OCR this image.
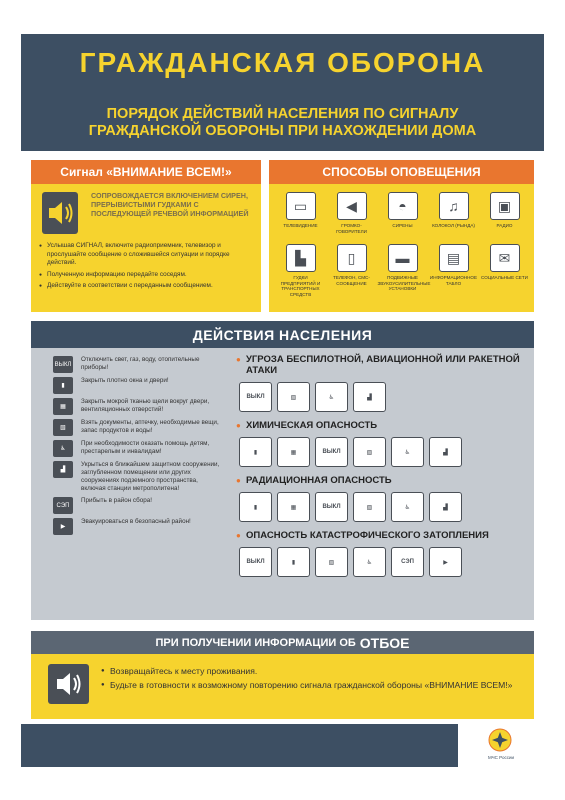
ГРАЖДАНСКАЯ ОБОРОНА
ПОРЯДОК ДЕЙСТВИЙ НАСЕЛЕНИЯ ПО СИГНАЛУ
ГРАЖДАНСКОЙ ОБОРОНЫ ПРИ НАХОЖДЕНИИ ДОМА
Сигнал «ВНИМАНИЕ ВСЕМ!»
СОПРОВОЖДАЕТСЯ ВКЛЮЧЕНИЕМ СИРЕН, ПРЕРЫВИСТЫМИ ГУДКАМИ С ПОСЛЕДУЮЩЕЙ РЕЧЕВОЙ ИНФОРМАЦИЕЙ
● Услышав СИГНАЛ, включите радиоприемник, телевизор и прослушайте сообщение о сложившейся ситуации и порядке действий.
● Полученную информацию передайте соседям.
● Действуйте в соответствии с переданным сообщением.
СПОСОБЫ ОПОВЕЩЕНИЯ
▭
ТЕЛЕВИДЕНИЕ
◀
ГРОМКО-ГОВОРИТЕЛИ
◓
СИРЕНЫ
♫
КОЛОКОЛ (РЫНДА)
▣
РАДИО
▙
ГУДКИ ПРЕДПРИЯТИЙ И ТРАНСПОРТНЫХ СРЕДСТВ
▯
ТЕЛЕФОН, СМС-СООБЩЕНИЕ
▬
ПОДВИЖНЫЕ ЗВУКОУСИЛИТЕЛЬНЫЕ УСТАНОВКИ
▤
ИНФОРМАЦИОННОЕ ТАБЛО
✉
СОЦИАЛЬНЫЕ СЕТИ
ДЕЙСТВИЯ НАСЕЛЕНИЯ
ВЫКЛ
Отключить свет, газ, воду, отопительные приборы!
▮
Закрыть плотно окна и двери!
▦
Закрыть мокрой тканью щели вокруг двери, вентиляционных отверстий!
▧
Взять документы, аптечку, необходимые вещи, запас продуктов и воды!
♿
При необходимости оказать помощь детям, престарелым и инвалидам!
▟
Укрыться в ближайшем защитном сооружении, заглубленном помещении или других сооружениях подземного пространства, включая станции метрополитена!
СЭП
Прибыть в район сбора!
▶
Эвакуироваться в безопасный район!
● УГРОЗА БЕСПИЛОТНОЙ, АВИАЦИОННОЙ ИЛИ РАКЕТНОЙ АТАКИ
ВЫКЛ	▧	♿	▟
● ХИМИЧЕСКАЯ ОПАСНОСТЬ
▮	▦	ВЫКЛ	▧	♿	▟
● РАДИАЦИОННАЯ ОПАСНОСТЬ
▮	▦	ВЫКЛ	▧	♿	▟
● ОПАСНОСТЬ КАТАСТРОФИЧЕСКОГО ЗАТОПЛЕНИЯ
ВЫКЛ	▮	▧	♿	СЭП	▶
ПРИ ПОЛУЧЕНИИ ИНФОРМАЦИИ ОБ ОТБОЕ
● Возвращайтесь к месту проживания.
● Будьте в готовности к возможному повторению сигнала гражданской обороны «ВНИМАНИЕ ВСЕМ!»
МЧС России
